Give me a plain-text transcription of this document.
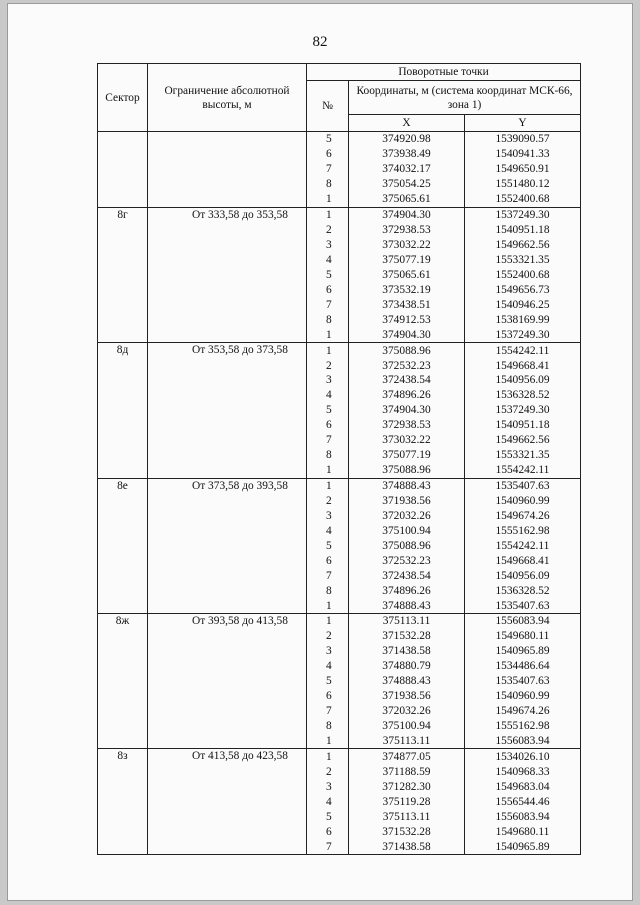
82
Сектор	Ограничение абсолютной высоты, м	Поворотные точки		
		№	Координаты, м (система координат МСК-66, зона 1)	
			X	Y
		5	374920.98	1539090.57
		6	373938.49	1540941.33
		7	374032.17	1549650.91
		8	375054.25	1551480.12
		1	375065.61	1552400.68
8г	От 333,58 до 353,58	1	374904.30	1537249.30
		2	372938.53	1540951.18
		3	373032.22	1549662.56
		4	375077.19	1553321.35
		5	375065.61	1552400.68
		6	373532.19	1549656.73
		7	373438.51	1540946.25
		8	374912.53	1538169.99
		1	374904.30	1537249.30
8д	От 353,58 до 373,58	1	375088.96	1554242.11
		2	372532.23	1549668.41
		3	372438.54	1540956.09
		4	374896.26	1536328.52
		5	374904.30	1537249.30
		6	372938.53	1540951.18
		7	373032.22	1549662.56
		8	375077.19	1553321.35
		1	375088.96	1554242.11
8е	От 373,58 до 393,58	1	374888.43	1535407.63
		2	371938.56	1540960.99
		3	372032.26	1549674.26
		4	375100.94	1555162.98
		5	375088.96	1554242.11
		6	372532.23	1549668.41
		7	372438.54	1540956.09
		8	374896.26	1536328.52
		1	374888.43	1535407.63
8ж	От 393,58 до 413,58	1	375113.11	1556083.94
		2	371532.28	1549680.11
		3	371438.58	1540965.89
		4	374880.79	1534486.64
		5	374888.43	1535407.63
		6	371938.56	1540960.99
		7	372032.26	1549674.26
		8	375100.94	1555162.98
		1	375113.11	1556083.94
8з	От 413,58 до 423,58	1	374877.05	1534026.10
		2	371188.59	1540968.33
		3	371282.30	1549683.04
		4	375119.28	1556544.46
		5	375113.11	1556083.94
		6	371532.28	1549680.11
		7	371438.58	1540965.89
